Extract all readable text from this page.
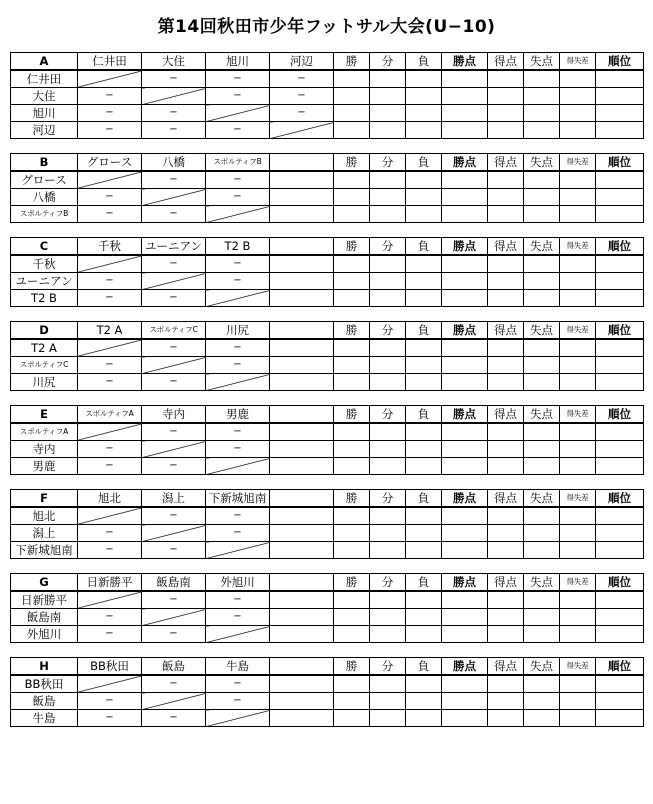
第14回秋田市少年フットサル大会(U−10)
A	仁井田	大住	旭川	河辺	勝	分	負	勝点	得点	失点	得失差	順位
仁井田		−	−	−								
大住	−		−	−								
旭川	−	−		−								
河辺	−	−	−									
B	グロース	八橋	スポルティフB		勝	分	負	勝点	得点	失点	得失差	順位
グロース		−	−									
八橋	−		−									
スポルティフB	−	−										
C	千秋	ユーニアン	T2 B		勝	分	負	勝点	得点	失点	得失差	順位
千秋		−	−									
ユーニアン	−		−									
T2 B	−	−										
D	T2 A	スポルティフC	川尻		勝	分	負	勝点	得点	失点	得失差	順位
T2 A		−	−									
スポルティフC	−		−									
川尻	−	−										
E	スポルティフA	寺内	男鹿		勝	分	負	勝点	得点	失点	得失差	順位
スポルティフA		−	−									
寺内	−		−									
男鹿	−	−										
F	旭北	潟上	下新城旭南		勝	分	負	勝点	得点	失点	得失差	順位
旭北		−	−									
潟上	−		−									
下新城旭南	−	−										
G	日新勝平	飯島南	外旭川		勝	分	負	勝点	得点	失点	得失差	順位
日新勝平		−	−									
飯島南	−		−									
外旭川	−	−										
H	BB秋田	飯島	牛島		勝	分	負	勝点	得点	失点	得失差	順位
BB秋田		−	−									
飯島	−		−									
牛島	−	−										
